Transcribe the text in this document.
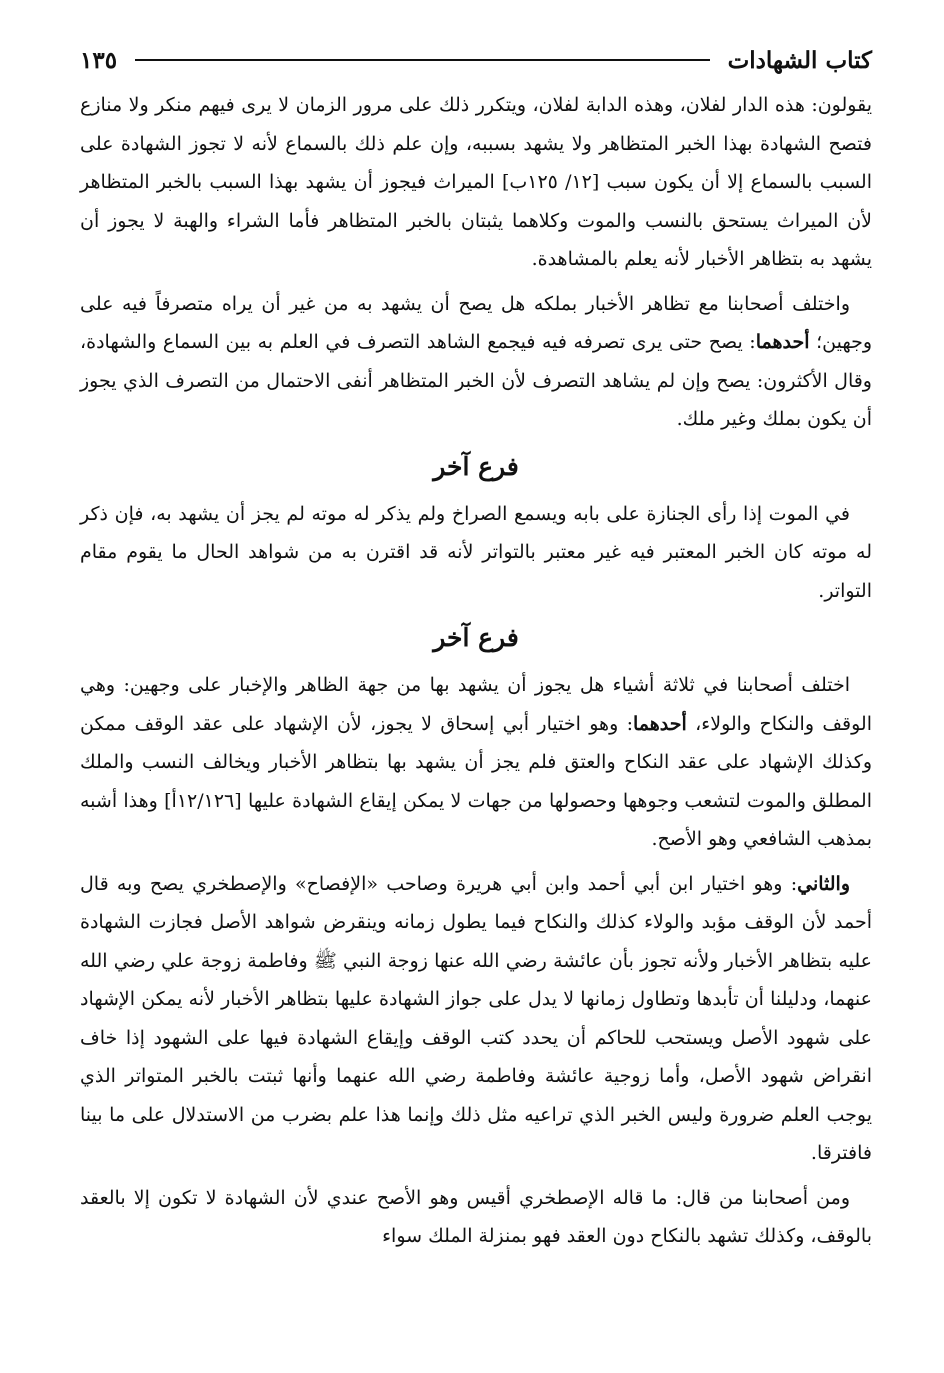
كتاب الشهادات
١٣٥

يقولون: هذه الدار لفلان، وهذه الدابة لفلان، ويتكرر ذلك على مرور الزمان لا يرى فيهم منكر ولا منازع فتصح الشهادة بهذا الخبر المتظاهر ولا يشهد بسببه، وإن علم ذلك بالسماع لأنه لا تجوز الشهادة على السبب بالسماع إلا أن يكون سبب [١٢/ ١٢٥ب] الميراث فيجوز أن يشهد بهذا السبب بالخبر المتظاهر لأن الميراث يستحق بالنسب والموت وكلاهما يثبتان بالخبر المتظاهر فأما الشراء والهبة لا يجوز أن يشهد به بتظاهر الأخبار لأنه يعلم بالمشاهدة.

واختلف أصحابنا مع تظاهر الأخبار بملكه هل يصح أن يشهد به من غير أن يراه متصرفاً فيه على وجهين؛ أحدهما: يصح حتى يرى تصرفه فيه فيجمع الشاهد التصرف في العلم به بين السماع والشهادة، وقال الأكثرون: يصح وإن لم يشاهد التصرف لأن الخبر المتظاهر أنفى الاحتمال من التصرف الذي يجوز أن يكون بملك وغير ملك.

فرع آخر

في الموت إذا رأى الجنازة على بابه ويسمع الصراخ ولم يذكر له موته لم يجز أن يشهد به، فإن ذكر له موته كان الخبر المعتبر فيه غير معتبر بالتواتر لأنه قد اقترن به من شواهد الحال ما يقوم مقام التواتر.

فرع آخر

اختلف أصحابنا في ثلاثة أشياء هل يجوز أن يشهد بها من جهة الظاهر والإخبار على وجهين: وهي الوقف والنكاح والولاء، أحدهما: وهو اختيار أبي إسحاق لا يجوز، لأن الإشهاد على عقد الوقف ممكن وكذلك الإشهاد على عقد النكاح والعتق فلم يجز أن يشهد بها بتظاهر الأخبار ويخالف النسب والملك المطلق والموت لتشعب وجوهها وحصولها من جهات لا يمكن إيقاع الشهادة عليها [١٢/١٢٦أ] وهذا أشبه بمذهب الشافعي وهو الأصح.

والثاني: وهو اختيار ابن أبي أحمد وابن أبي هريرة وصاحب «الإفصاح» والإصطخري يصح وبه قال أحمد لأن الوقف مؤبد والولاء كذلك والنكاح فيما يطول زمانه وينقرض شواهد الأصل فجازت الشهادة عليه بتظاهر الأخبار ولأنه تجوز بأن عائشة رضي الله عنها زوجة النبي ﷺ وفاطمة زوجة علي رضي الله عنهما، ودليلنا أن تأبدها وتطاول زمانها لا يدل على جواز الشهادة عليها بتظاهر الأخبار لأنه يمكن الإشهاد على شهود الأصل ويستحب للحاكم أن يحدد كتب الوقف وإيقاع الشهادة فيها على الشهود إذا خاف انقراض شهود الأصل، وأما زوجية عائشة وفاطمة رضي الله عنهما وأنها ثبتت بالخبر المتواتر الذي يوجب العلم ضرورة وليس الخبر الذي تراعيه مثل ذلك وإنما هذا علم بضرب من الاستدلال على ما بينا فافترقا.

ومن أصحابنا من قال: ما قاله الإصطخري أقيس وهو الأصح عندي لأن الشهادة لا تكون إلا بالعقد بالوقف، وكذلك تشهد بالنكاح دون العقد فهو بمنزلة الملك سواء
